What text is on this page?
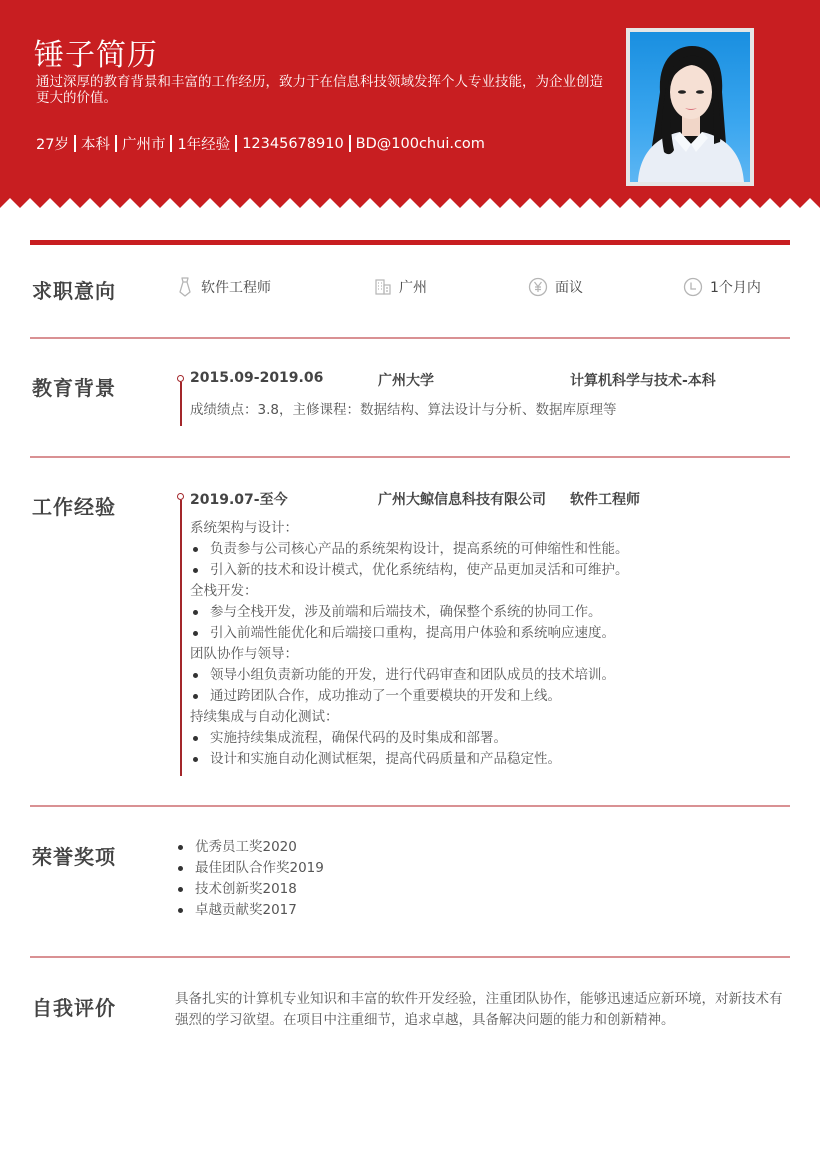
锤子简历

通过深厚的教育背景和丰富的工作经历，致力于在信息科技领域发挥个人专业技能，为企业创造更大的价值。

27岁 本科 广州市 1年经验 12345678910 BD@100chui.com
求职意向	软件工程师	广州	面议	1个月内
教育背景	2015.09-2019.06	广州大学	计算机科学与技术-本科
成绩绩点：3.8，主修课程：数据结构、算法设计与分析、数据库原理等
工作经验	2019.07-至今	广州大鲸信息科技有限公司 软件工程师
系统架构与设计：
负责参与公司核心产品的系统架构设计，提高系统的可伸缩性和性能。
引入新的技术和设计模式，优化系统结构，使产品更加灵活和可维护。
全栈开发：
参与全栈开发，涉及前端和后端技术，确保整个系统的协同工作。
引入前端性能优化和后端接口重构，提高用户体验和系统响应速度。
团队协作与领导：
领导小组负责新功能的开发，进行代码审查和团队成员的技术培训。
通过跨团队合作，成功推动了一个重要模块的开发和上线。
持续集成与自动化测试：
实施持续集成流程，确保代码的及时集成和部署。
设计和实施自动化测试框架，提高代码质量和产品稳定性。
荣誉奖项	优秀员工奖2020
最佳团队合作奖2019
技术创新奖2018
卓越贡献奖2017
自我评价	具备扎实的计算机专业知识和丰富的软件开发经验，注重团队协作，能够迅速适应新环境，对新技术有强烈的学习欲望。在项目中注重细节，追求卓越，具备解决问题的能力和创新精神。
